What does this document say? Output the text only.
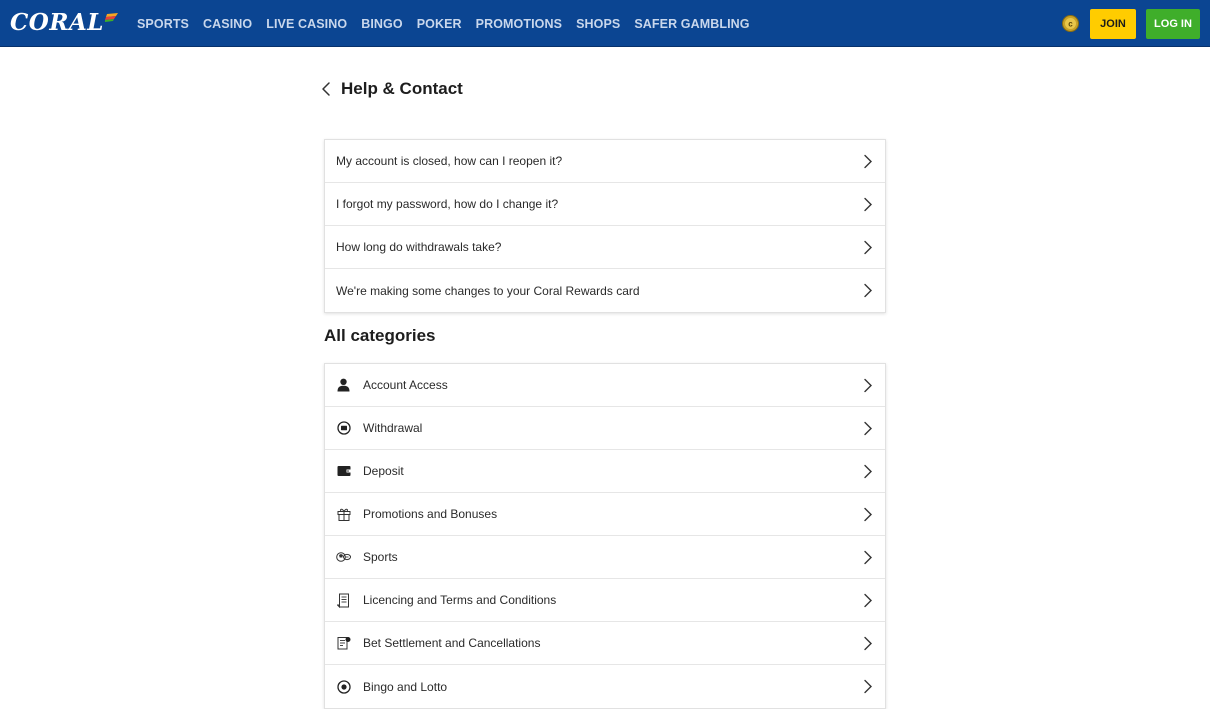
CORAL	SPORTS CASINO LIVE CASINO BINGO POKER PROMOTIONS SHOPS SAFER GAMBLING	c	JOIN	LOG IN
Help & Contact
My account is closed, how can I reopen it?
I forgot my password, how do I change it?
How long do withdrawals take?
We're making some changes to your Coral Rewards card
All categories
Account Access
Withdrawal
Deposit
Promotions and Bonuses
Sports
Licencing and Terms and Conditions
Bet Settlement and Cancellations
Bingo and Lotto
